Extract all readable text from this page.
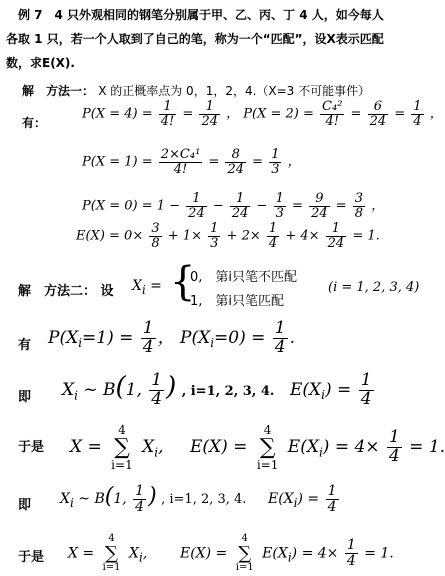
例 7　4 只外观相同的钢笔分别属于甲、乙、丙、丁 4 人，如今每人
各取 1 只，若一个人取到了自己的笔，称为一个“匹配”，设X表示匹配
数，求E(X).
解　方法一： X 的正概率点为 0，1，2，4.（X=3 不可能事件）
有：
$P(X = 4) = \frac{1}{4!} = \frac{1}{24}$ ， $P(X = 2) = \frac{\text{C₄²}}{4!} = \frac{6}{24} = \frac{1}{4}$ ，
$P(X = 1) = \frac{\text{2×C₄¹}}{4!} = \frac{8}{24} = \frac{1}{3}$ ，
$P(X = 0) = 1 - \frac{1}{24} - \frac{1}{24} - \frac{1}{3} = \frac{9}{24} = \frac{3}{8}$ ，
$E(X) = 0\times \frac{3}{8} + 1\times \frac{1}{3} + 2\times \frac{1}{4} + 4\times \frac{1}{24} = 1$.
解　方法二： 设 $X_i$ = {
0,　第i只笔不匹配
1,　第i只笔匹配
(i = 1, 2, 3, 4)
有 $P(X_i=1) = \frac{1}{4}$ ， $P(X_i=0) = \frac{1}{4}$ .
即 $X_i$ ~ B(1, $\frac{1}{4}$ ) , i=1, 2, 3, 4. $E(X_i) = \frac{1}{4}$
于是 X =
4
∑
i=1
$X_i$, E(X) =
4
∑
i=1
$E(X_i) = 4\times \frac{1}{4} = 1$.
即 $X_i$ ~ B(1, $\frac{1}{4}$ ) , i=1, 2, 3, 4. $E(X_i) = \frac{1}{4}$
于是 X =
4
∑
i=1
$X_i$, E(X) =
4
∑
i=1
$E(X_i) = 4\times \frac{1}{4} = 1$.
